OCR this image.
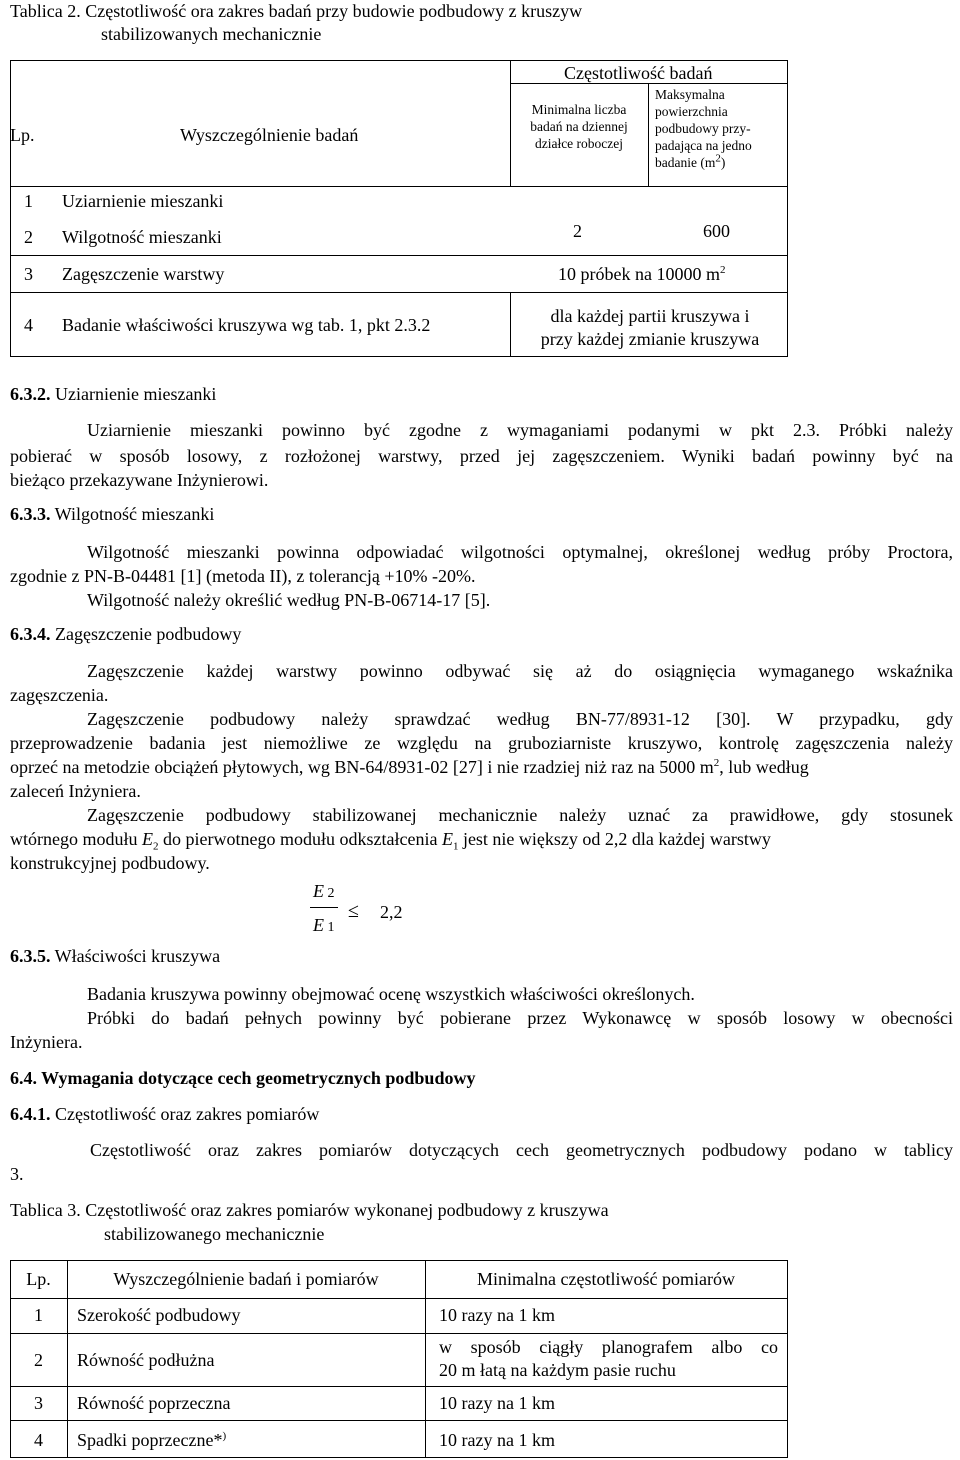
Tablica 2. Częstotliwość ora zakres badań przy budowie podbudowy z kruszyw
stabilizowanych mechanicznie
Lp.	Wyszczególnienie badań
Częstotliwość badań
Minimalna liczba
badań na dziennej
działce roboczej
Maksymalna
powierzchnia
podbudowy przy-
padająca na jedno
badanie $(m^2)$
1 Uziarnienie mieszanki
2 Wilgotność mieszanki	2	600
3 Zagęszczenie warstwy	10 próbek na 10000 $m^2$
4 Badanie właściwości kruszywa wg tab. 1, pkt 2.3.2	dla każdej partii kruszywa i
przy każdej zmianie kruszywa
6.3.2. Uziarnienie mieszanki
Uziarnienie mieszanki powinno być zgodne z wymaganiami podanymi w pkt 2.3. Próbki należy
pobierać w sposób losowy, z rozłożonej warstwy, przed jej zagęszczeniem. Wyniki badań powinny być na
bieżąco przekazywane Inżynierowi.
6.3.3. Wilgotność mieszanki
Wilgotność mieszanki powinna odpowiadać wilgotności optymalnej, określonej według próby Proctora,
zgodnie z PN-B-04481 [1] (metoda II), z tolerancją +10% -20%.
Wilgotność należy określić według PN-B-06714-17 [5].
6.3.4. Zagęszczenie podbudowy
Zagęszczenie każdej warstwy powinno odbywać się aż do osiągnięcia wymaganego wskaźnika
zagęszczenia.
Zagęszczenie podbudowy należy sprawdzać według BN-77/8931-12 [30]. W przypadku, gdy
przeprowadzenie badania jest niemożliwe ze względu na gruboziarniste kruszywo, kontrolę zagęszczenia należy
oprzeć na metodzie obciążeń płytowych, wg BN-64/8931-02 [27] i nie rzadziej niż raz na 5000 $m^2$, lub według
zaleceń Inżyniera.
Zagęszczenie podbudowy stabilizowanej mechanicznie należy uznać za prawidłowe, gdy stosunek
wtórnego modułu $E_2$ do pierwotnego modułu odkształcenia $E_1$ jest nie większy od 2,2 dla każdej warstwy
konstrukcyjnej podbudowy.
E 2
E 1
≤ 2,2
6.3.5. Właściwości kruszywa
Badania kruszywa powinny obejmować ocenę wszystkich właściwości określonych.
Próbki do badań pełnych powinny być pobierane przez Wykonawcę w sposób losowy w obecności
Inżyniera.
6.4. Wymagania dotyczące cech geometrycznych podbudowy
6.4.1. Częstotliwość oraz zakres pomiarów
Częstotliwość oraz zakres pomiarów dotyczących cech geometrycznych podbudowy podano w tablicy
3.
Tablica 3. Częstotliwość oraz zakres pomiarów wykonanej podbudowy z kruszywa
stabilizowanego mechanicznie
Lp.	Wyszczególnienie badań i pomiarów	Minimalna częstotliwość pomiarów
1 Szerokość podbudowy	10 razy na 1 km
2 Równość podłużna
w sposób ciągły planografem albo co
20 m łatą na każdym pasie ruchu
3 Równość poprzeczna	10 razy na 1 km
4 Spadki poprzeczne*)	10 razy na 1 km
